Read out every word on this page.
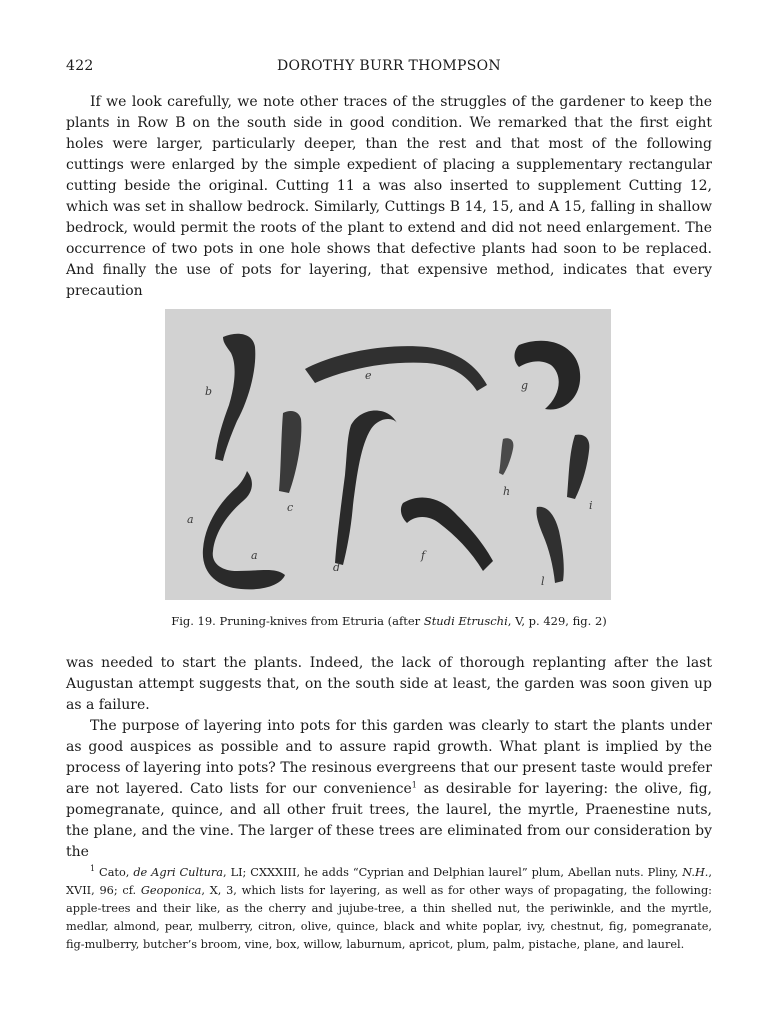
422	DOROTHY BURR THOMPSON

If we look carefully, we note other traces of the struggles of the gardener to keep the plants in Row B on the south side in good condition. We remarked that the first eight holes were larger, particularly deeper, than the rest and that most of the following cuttings were enlarged by the simple expedient of placing a supplementary rectangular cutting beside the original. Cutting 11 a was also inserted to supplement Cutting 12, which was set in shallow bedrock. Similarly, Cuttings B 14, 15, and A 15, falling in shallow bedrock, would permit the roots of the plant to extend and did not need enlargement. The occurrence of two pots in one hole shows that defective plants had soon to be replaced. And finally the use of pots for layering, that expensive method, indicates that every precaution

b
e
g
c
h
i
a
a
d
f
l
Fig. 19. Pruning-knives from Etruria (after Studi Etruschi, V, p. 429, fig. 2)

was needed to start the plants. Indeed, the lack of thorough replanting after the last Augustan attempt suggests that, on the south side at least, the garden was soon given up as a failure.

The purpose of layering into pots for this garden was clearly to start the plants under as good auspices as possible and to assure rapid growth. What plant is implied by the process of layering into pots? The resinous evergreens that our present taste would prefer are not layered. Cato lists for our convenience$^1$ as desirable for layering: the olive, fig, pomegranate, quince, and all other fruit trees, the laurel, the myrtle, Praenestine nuts, the plane, and the vine. The larger of these trees are eliminated from our consideration by the

$^1$ Cato, de Agri Cultura, LI; CXXXIII, he adds “Cyprian and Delphian laurel” plum, Abellan nuts. Pliny, N.H., XVII, 96; cf. Geoponica, X, 3, which lists for layering, as well as for other ways of propagating, the following: apple-trees and their like, as the cherry and jujube-tree, a thin shelled nut, the periwinkle, and the myrtle, medlar, almond, pear, mulberry, citron, olive, quince, black and white poplar, ivy, chestnut, fig, pomegranate, fig-mulberry, butcher’s broom, vine, box, willow, laburnum, apricot, plum, palm, pistache, plane, and laurel.
